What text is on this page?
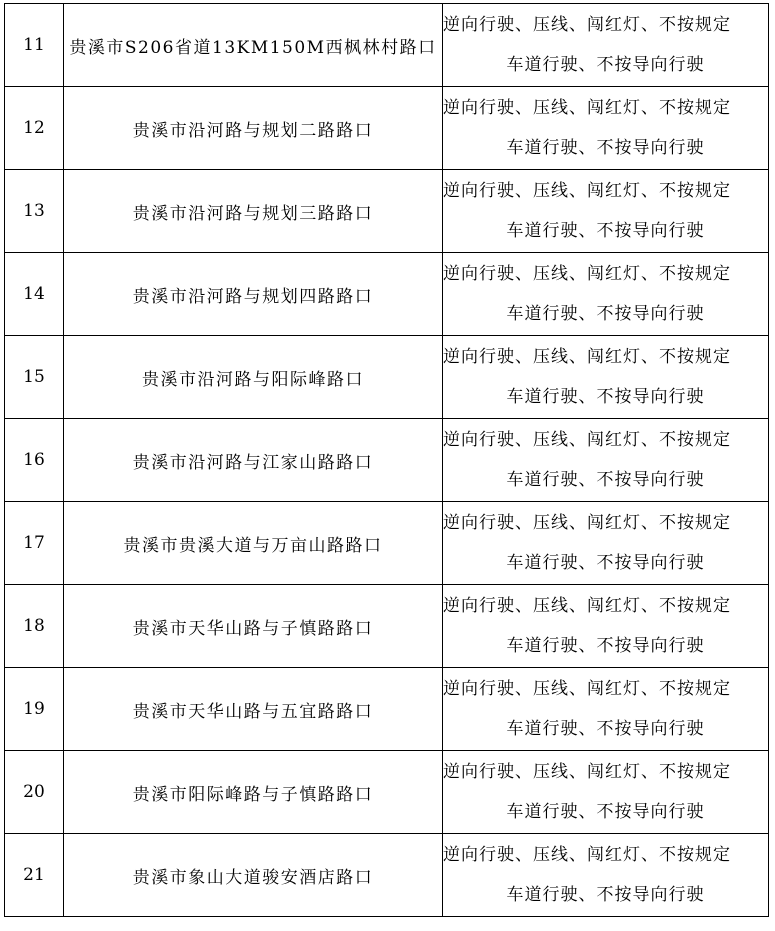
11	贵溪市S206省道13KM150M西枫林村路口	逆向行驶、压线、闯红灯、不按规定
车道行驶、不按导向行驶

12	贵溪市沿河路与规划二路路口	逆向行驶、压线、闯红灯、不按规定
车道行驶、不按导向行驶

13	贵溪市沿河路与规划三路路口	逆向行驶、压线、闯红灯、不按规定
车道行驶、不按导向行驶

14	贵溪市沿河路与规划四路路口	逆向行驶、压线、闯红灯、不按规定
车道行驶、不按导向行驶

15	贵溪市沿河路与阳际峰路口	逆向行驶、压线、闯红灯、不按规定
车道行驶、不按导向行驶

16	贵溪市沿河路与江家山路路口	逆向行驶、压线、闯红灯、不按规定
车道行驶、不按导向行驶

17	贵溪市贵溪大道与万亩山路路口	逆向行驶、压线、闯红灯、不按规定
车道行驶、不按导向行驶

18	贵溪市天华山路与子慎路路口	逆向行驶、压线、闯红灯、不按规定
车道行驶、不按导向行驶

19	贵溪市天华山路与五宜路路口	逆向行驶、压线、闯红灯、不按规定
车道行驶、不按导向行驶

20	贵溪市阳际峰路与子慎路路口	逆向行驶、压线、闯红灯、不按规定
车道行驶、不按导向行驶

21	贵溪市象山大道骏安酒店路口	逆向行驶、压线、闯红灯、不按规定
车道行驶、不按导向行驶
